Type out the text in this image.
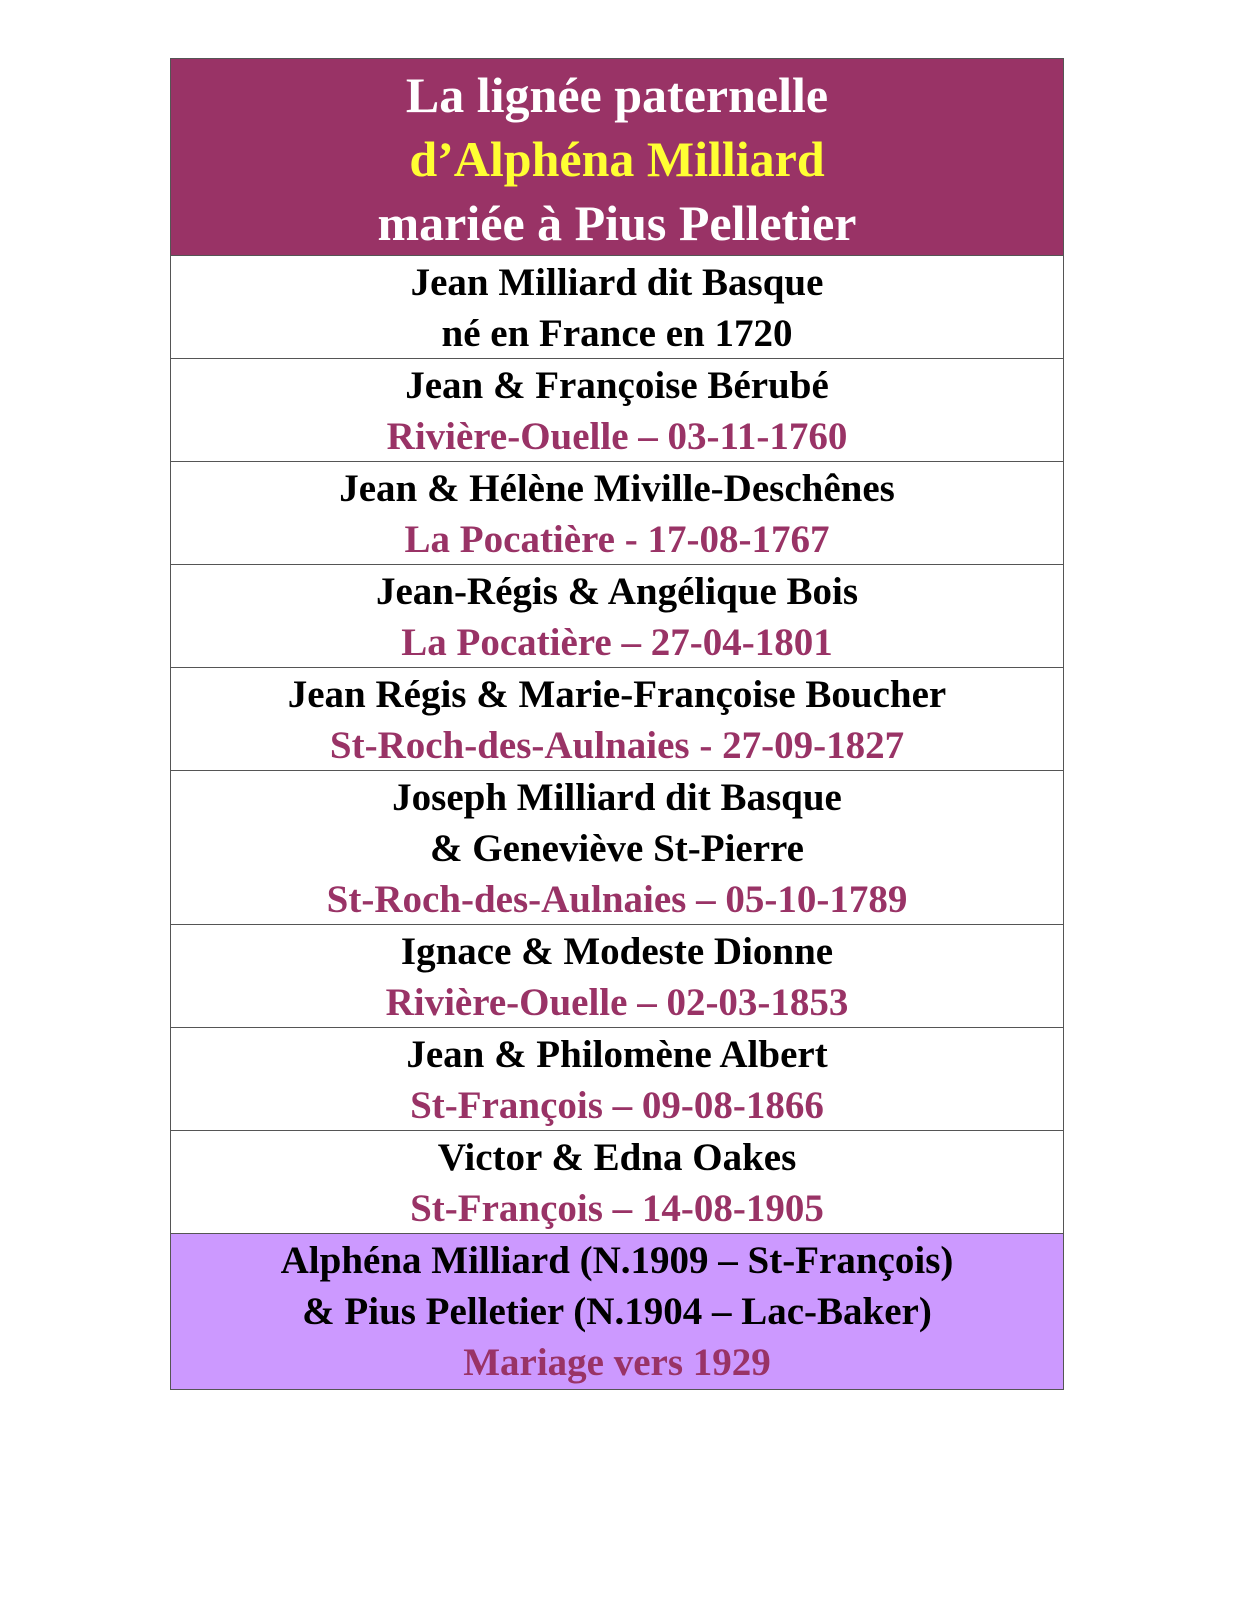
La lignée paternelle
d’Alphéna Milliard
mariée à Pius Pelletier
Jean Milliard dit Basque
né en France en 1720
Jean & Françoise Bérubé
Rivière-Ouelle – 03-11-1760
Jean & Hélène Miville-Deschênes
La Pocatière - 17-08-1767
Jean-Régis & Angélique Bois
La Pocatière – 27-04-1801
Jean Régis & Marie-Françoise Boucher
St-Roch-des-Aulnaies - 27-09-1827
Joseph Milliard dit Basque
& Geneviève St-Pierre
St-Roch-des-Aulnaies – 05-10-1789
Ignace & Modeste Dionne
Rivière-Ouelle – 02-03-1853
Jean & Philomène Albert
St-François – 09-08-1866
Victor & Edna Oakes
St-François – 14-08-1905
Alphéna Milliard (N.1909 – St-François)
& Pius Pelletier (N.1904 – Lac-Baker)
Mariage vers 1929
